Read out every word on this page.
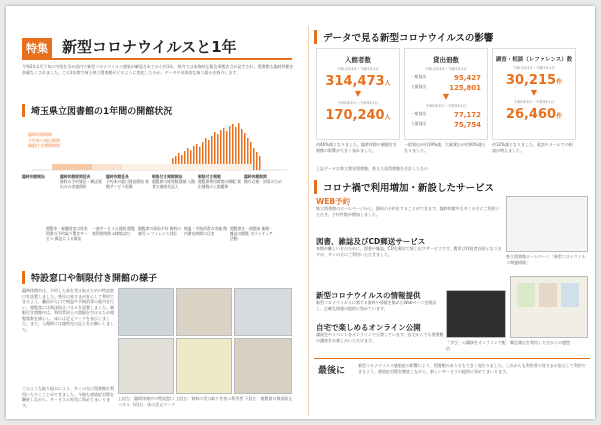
特集 新型コロナウイルスと1年
令和2年2月下旬に中国を含め国内で新型コロナウイルス感染が確認されてから約1年。県内では本格的な緊急事態宣言が発令され、図書館も臨時休館を余儀なくされました。この1年間で埼玉県立図書館がどのように変化したのか、データや具体的な取り組みを紹介します。
埼玉県立図書館の1年間の開館状況
臨時休館期間
予約本の貸出期間
制限付き開館期間
臨時休館開始	臨時休館期間延長
資料の予約貸出・郵送貸出のみ実施開始
臨時休館延長
予約本の窓口貸出開始 来館サービス再開
制限付き開館開始
閲覧席の座席数削減 入館者の連絡先記入
制限付き開館
閲覧席利用時間の制限 貸出冊数の上限緩和
臨時休館期間
館内点検・消毒のため
閲覧室・視聴覚室は休室 図書の予約取り置きサービス 郵送による貸出
一部サービスの再開 閲覧席利用時間 1時間以内
閲覧席の事前予約 資料の複写 レファレンス対応
検温・手指消毒の実施 館内滞在時間の目安
閲覧席を一部開放 新聞・雑誌の閲覧 ボランティア活動
特設窓口や制限付き開館の様子
臨時休館中は、予約した本を受け取るための特設窓口を設置しました。県民の皆さまが安心して利用できるよう、職員が入口で検温や手指消毒の案内を行い、閲覧席には飛沫防止パネルを設置しました。制限付き開館中は、利用者同士の間隔を空けるため閲覧席数を減らし、床には足元マークを表示しました。また、入館時には連絡先の記入をお願いしました。
このような取り組みにより、多くの方に図書館を利用いただくことができました。今後も感染症対策を継続しながら、サービスの充実に努めてまいります。
上段左：臨時休館中の特設窓口 上段右：資料の受け取りを待つ利用者 下段左：閲覧席の飛沫防止パネル 下段右：床の足元マーク
データで見る新型コロナウイルスの影響
入館者数
令和元年4月〜令和2年1月
314,473人
▼
令和2年4月〜令和3年1月
170,240人
貸出冊数
令和元年4月〜令和2年1月
一般貸出	95,427
大量貸出	125,801
▼
令和2年4月〜令和3年1月
一般貸出	77,172
大量貸出	75,754
調査・相談（レファレンス）数
令和元年4月〜令和2年1月
30,215件
▼
令和2年4月〜令和3年1月
26,460件
約46%減となりました。臨時休館や制限付き開館の影響が大きく表れました。
一般貸出が約19%減、大量貸出が約40%減となりました。
約12%減となりました。電話やメールでの相談が増えました。
上記データは県立熊谷図書館、県立久喜図書館を合計したもの
コロナ禍で利用増加・新設したサービス
WEB予約
県立図書館のホームページから、資料の予約をすることができます。臨時休館中も多くの方にご利用いただき、予約件数が増加しました。
図書、雑誌及びCD郵送サービス
来館が難しい方のために、図書や雑誌、CDを郵送で貸し出すサービスです。費用は利用者負担となりますが、多くの方にご利用いただきました。	県立図書館ホームページ「新型コロナウイルス関連情報」
新型コロナウイルスの情報提供
新型コロナウイルスに関する資料や情報を集めたWebページを開設し、正確な情報の提供に努めています。
自宅で楽しめるオンライン公開
講演会やイベントをオンラインで公開しています。自宅からでも図書館の講座をお楽しみいただけます。	「学び」の講演をオンラインで配信
郵送貸出を利用した方からの感想
最後に
新型コロナウイルス感染症の影響により、図書館のあり方も大きく変わりました。これからも利用者の皆さまが安心して利用できるよう、感染症対策を徹底しながら、新しいサービスの提供に努めてまいります。
